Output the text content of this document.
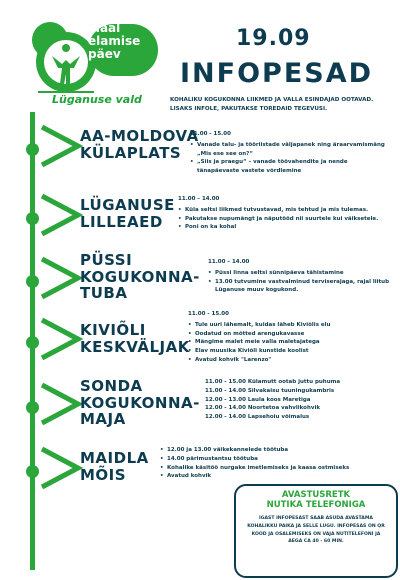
Maal
elamise
päev
Lüganuse vald
19.09
INFOPESAD
KOHALIKU KOGUKONNA LIIKMED JA VALLA ESINDAJAD OOTAVAD. LISAKS INFOLE, PAKUTAKSE TOREDAID TEGEVUSI.
AA-MOLDOVA
KÜLAPLATS
11.00 - 15.00
• Vanade talu- ja tööriistade väljapanek ning äraarvamismäng „Mis ese see on?“
• „Siis ja praegu“ – vanade töövahendite ja nende tänapäevaste vastete võrdlemine
LÜGANUSE
LILLEAED
11.00 – 14.00
• Küla seltsi liikmed tutvustavad, mis tehtud ja mis tulemas.
• Pakutakse nupumängt ja näputööd nii suurtele kui väiksetele.
• Poni on ka kohal
PÜSSI
KOGUKONNA-
TUBA
11.00 – 14.00
• Püssi linna seltsi sünnipäeva tähistamine
• 13.00 tutvumine vastvalminud terviserajaga, rajal liitub Lüganuse muuv kogukond.
KIVIÕLI
KESKVÄLJAK
11.00 - 15.00
• Tule uuri lähemalt, kuidas läheb Kiviõlis elu
• Oodatud on mõtted arengukavasse
• Mängime malet meie valla maletajatega
• Elav muusika Kiviõli kunstide koolist
• Avatud kohvik "Larenzo"
SONDA
KOGUKONNA-
MAJA
11.00 - 15.00 Külamutt ootab juttu puhuma
11.00 - 14.00 Silvakaisu tuuningukambris
12.00 - 13.00 Laula koos Maretiga
12.00 - 14.00 Noortetoa vahvlikohvik
12.00 - 14.00 Lapsehoiu võimalus
MAIDLA
MÕIS
• 12.00 ja 13.00 väikekannelede töötuba
• 14.00 pärimustantsu töötuba
• Kohalike käsitöö nurgake imetlemiseks ja kaasa ostmiseks
• Avatud kohvik
AVASTUSRETK
NUTIKA TELEFONIGA
IGAST INFOPESAST SAAB ASUDA AVASTAMA KOHALIKKU PAIKA JA SELLE LUGU. INFOPESAS ON QR KOOD JA OSALEMISEKS ON VAJA NUTITELEFONI JA AEGA CA 40 - 60 MIN.
